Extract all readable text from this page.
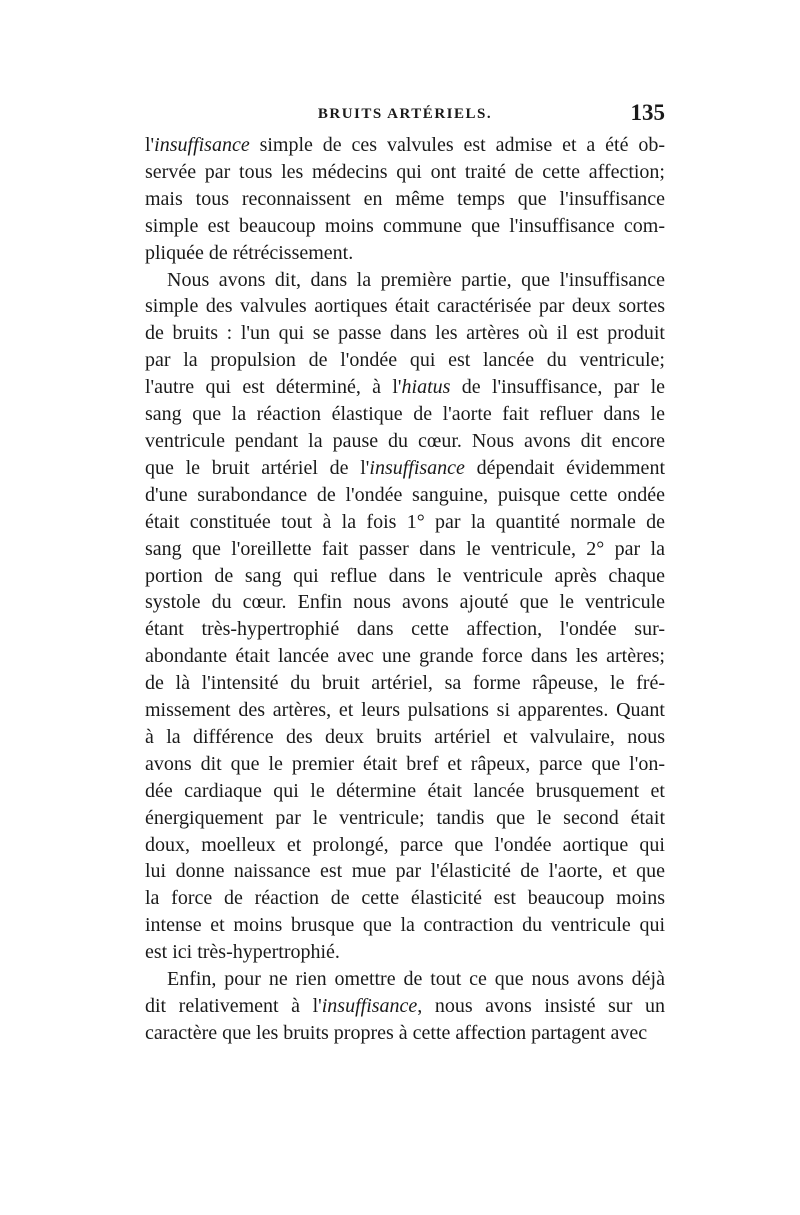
BRUITS ARTÉRIELS.	135
l'insuffisance simple de ces valvules est admise et a été ob-
servée par tous les médecins qui ont traité de cette affection;
mais tous reconnaissent en même temps que l'insuffisance
simple est beaucoup moins commune que l'insuffisance com-
pliquée de rétrécissement.
Nous avons dit, dans la première partie, que l'insuffisance
simple des valvules aortiques était caractérisée par deux sortes
de bruits : l'un qui se passe dans les artères où il est produit
par la propulsion de l'ondée qui est lancée du ventricule;
l'autre qui est déterminé, à l'hiatus de l'insuffisance, par le
sang que la réaction élastique de l'aorte fait refluer dans le
ventricule pendant la pause du cœur. Nous avons dit encore
que le bruit artériel de l'insuffisance dépendait évidemment
d'une surabondance de l'ondée sanguine, puisque cette ondée
était constituée tout à la fois 1° par la quantité normale de
sang que l'oreillette fait passer dans le ventricule, 2° par la
portion de sang qui reflue dans le ventricule après chaque
systole du cœur. Enfin nous avons ajouté que le ventricule
étant très-hypertrophié dans cette affection, l'ondée sur-
abondante était lancée avec une grande force dans les artères;
de là l'intensité du bruit artériel, sa forme râpeuse, le fré-
missement des artères, et leurs pulsations si apparentes. Quant
à la différence des deux bruits artériel et valvulaire, nous
avons dit que le premier était bref et râpeux, parce que l'on-
dée cardiaque qui le détermine était lancée brusquement et
énergiquement par le ventricule; tandis que le second était
doux, moelleux et prolongé, parce que l'ondée aortique qui
lui donne naissance est mue par l'élasticité de l'aorte, et que
la force de réaction de cette élasticité est beaucoup moins
intense et moins brusque que la contraction du ventricule qui
est ici très-hypertrophié.
Enfin, pour ne rien omettre de tout ce que nous avons déjà
dit relativement à l'insuffisance, nous avons insisté sur un
caractère que les bruits propres à cette affection partagent avec
